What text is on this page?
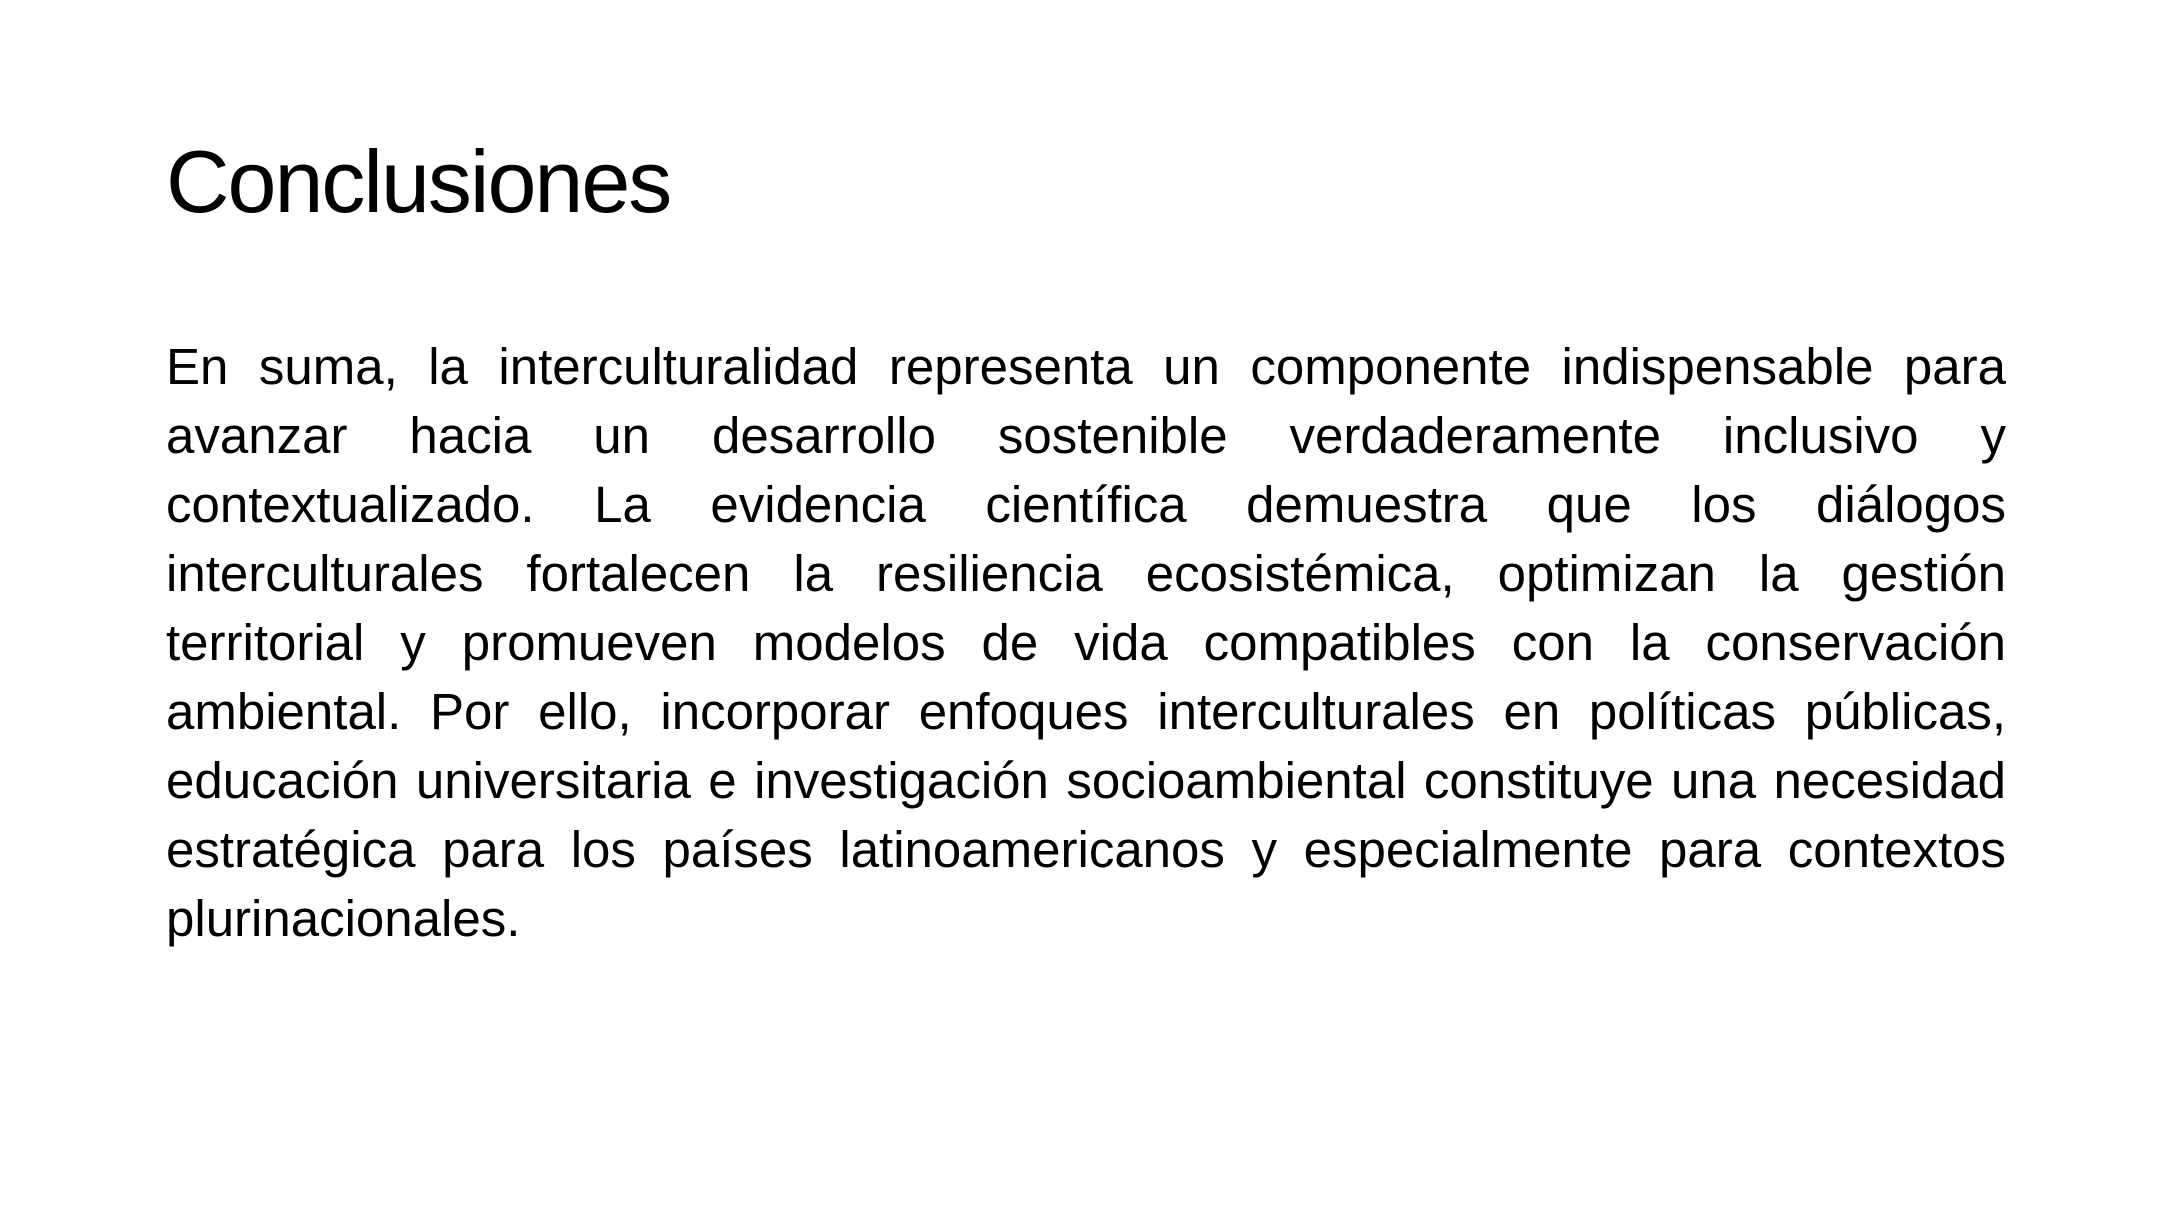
Conclusiones

En suma, la interculturalidad representa un componente indispensable para avanzar hacia un desarrollo sostenible verdaderamente inclusivo y contextualizado. La evidencia científica demuestra que los diálogos interculturales fortalecen la resiliencia ecosistémica, optimizan la gestión territorial y promueven modelos de vida compatibles con la conservación ambiental. Por ello, incorporar enfoques interculturales en políticas públicas, educación universitaria e investigación socioambiental constituye una necesidad estratégica para los países latinoamericanos y especialmente para contextos plurinacionales.
